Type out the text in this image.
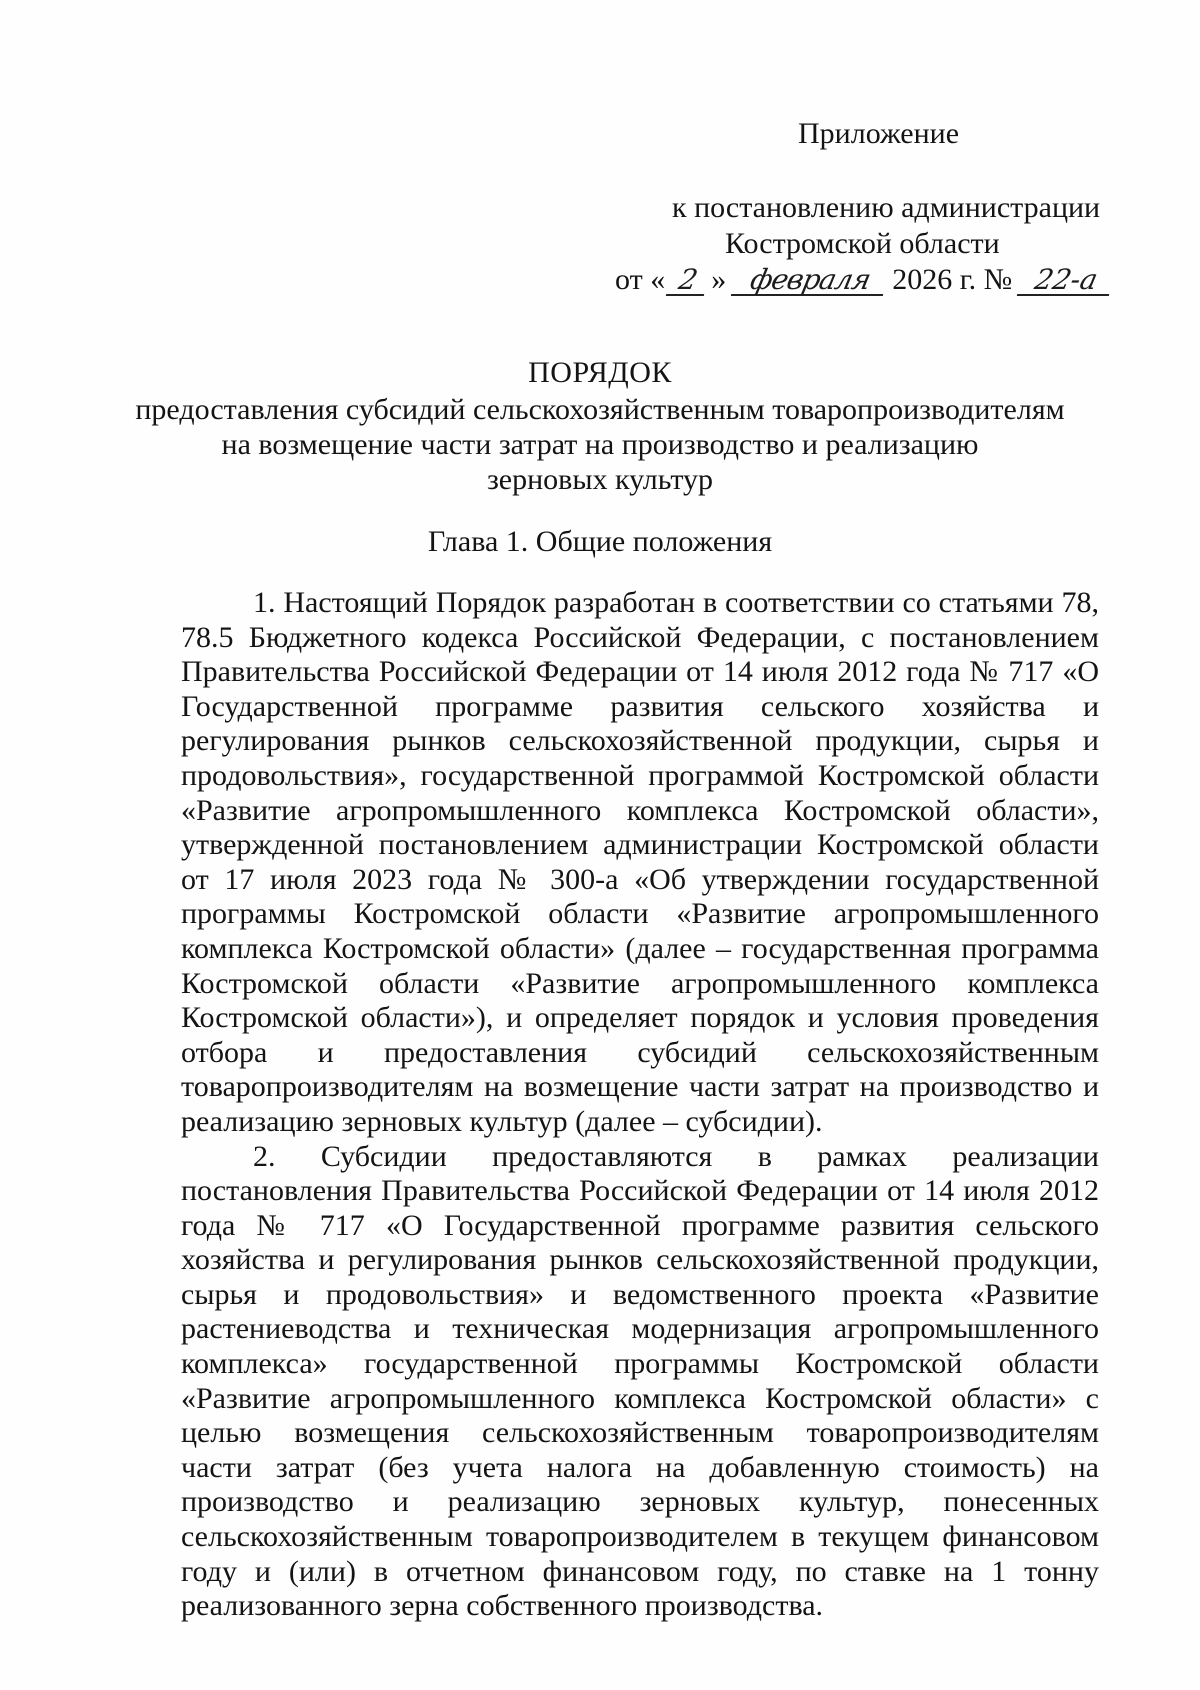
Приложение
к постановлению администрации
Костромской области
от « 2 » февраля 2026 г. № 22-а
ПОРЯДОК
предоставления субсидий сельскохозяйственным товаропроизводителям
на возмещение части затрат на производство и реализацию
зерновых культур
Глава 1. Общие положения

1. Настоящий Порядок разработан в соответствии со статьями 78, 78.5 Бюджетного кодекса Российской Федерации, с постановлением Правительства Российской Федерации от 14 июля 2012 года № 717 «О Государственной программе развития сельского хозяйства и регулирования рынков сельскохозяйственной продукции, сырья и продовольствия», государственной программой Костромской области «Развитие агропромышленного комплекса Костромской области», утвержденной постановлением администрации Костромской области от 17 июля 2023 года № 300-а «Об утверждении государственной программы Костромской области «Развитие агропромышленного комплекса Костромской области» (далее – государственная программа Костромской области «Развитие агропромышленного комплекса Костромской области»), и определяет порядок и условия проведения отбора и предоставления субсидий сельскохозяйственным товаропроизводителям на возмещение части затрат на производство и реализацию зерновых культур (далее – субсидии).

2. Субсидии предоставляются в рамках реализации постановления Правительства Российской Федерации от 14 июля 2012 года № 717 «О Государственной программе развития сельского хозяйства и регулирования рынков сельскохозяйственной продукции, сырья и продовольствия» и ведомственного проекта «Развитие растениеводства и техническая модернизация агропромышленного комплекса» государственной программы Костромской области «Развитие агропромышленного комплекса Костромской области» с целью возмещения сельскохозяйственным товаропроизводителям части затрат (без учета налога на добавленную стоимость) на производство и реализацию зерновых культур, понесенных сельскохозяйственным товаропроизводителем в текущем финансовом году и (или) в отчетном финансовом году, по ставке на 1 тонну реализованного зерна собственного производства.
